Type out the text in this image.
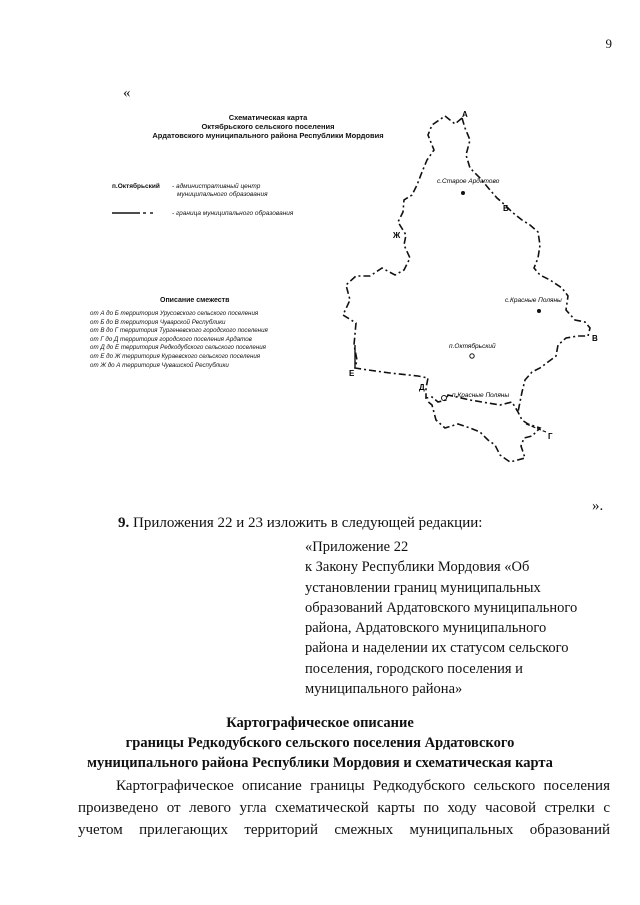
9
«
Схематическая карта
Октябрьского сельского поселения
Ардатовского муниципального района Республики Мордовия
п.Октябрьский - административный центр
муниципального образования
- граница муниципального образования
Описание смежеств
от А до Б территория Урусовского сельского поселения
от Б до В территория Чуварской Республики
от В до Г территория Тургеневского городского поселения
от Г до Д территория городского поселения Ардатов
от Д до Е территория Редкодубского сельского поселения
от Е до Ж территория Кураевского сельского поселения
от Ж до А территория Чувашской Республики
А
Б
В
Г
Д
Е
Ж
с.Старое Ардатово
с.Красные Поляны
п.Октябрьский
п.Красные Поляны
».
9. Приложения 22 и 23 изложить в следующей редакции:
«Приложение 22
к Закону Республики Мордовия «Об
установлении границ муниципальных
образований Ардатовского муниципального
района, Ардатовского муниципального
района и наделении их статусом сельского
поселения, городского поселения и
муниципального района»
Картографическое описание
границы Редкодубского сельского поселения Ардатовского
муниципального района Республики Мордовия и схематическая карта
Картографическое описание границы Редкодубского сельского поселения
произведено от левого угла схематической карты по ходу часовой стрелки с
учетом прилегающих территорий смежных муниципальных образований
